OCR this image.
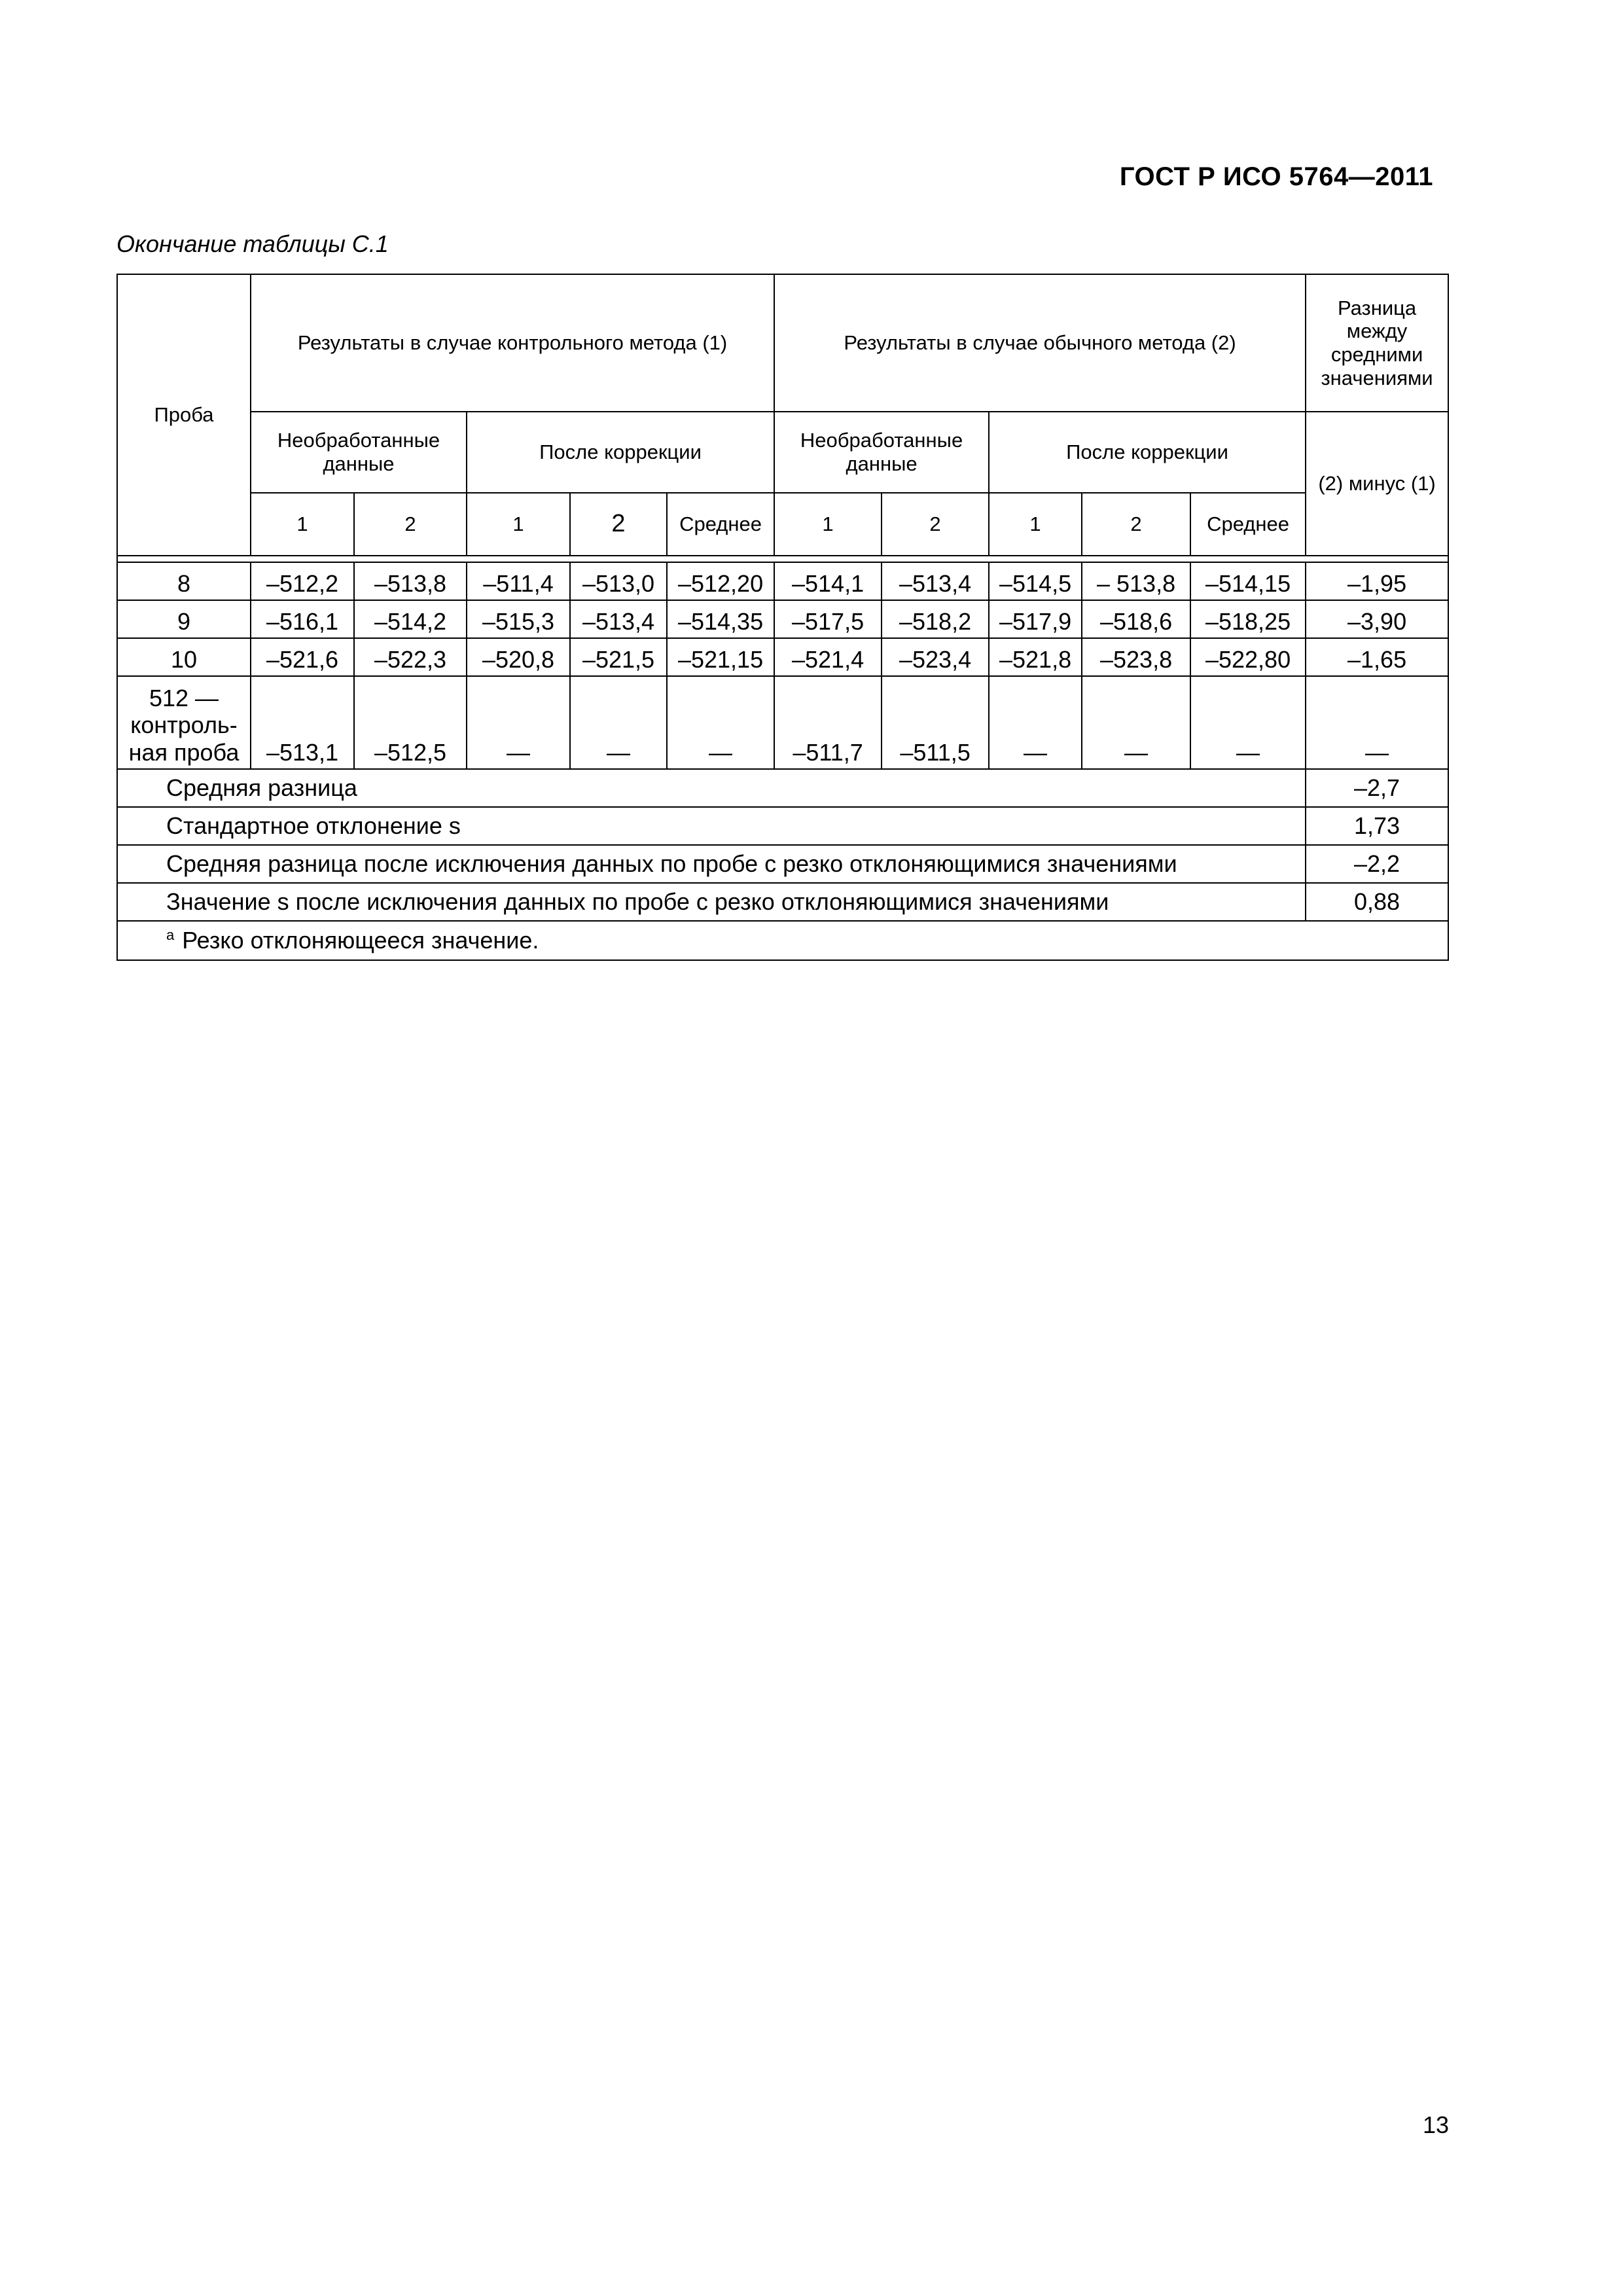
ГОСТ Р ИСО 5764—2011
Окончание таблицы С.1
Проба	Результаты в случае контрольного метода (1)					Результаты в случае обычного метода (2)					Разница между средними значениями
	Необработанные данные		После коррекции			Необработанные данные		После коррекции			(2) минус (1)
	1	2	1	2	Среднее	1	2	1	2	Среднее	

8	–512,2	–513,8	–511,4	–513,0	–512,20	–514,1	–513,4	–514,5	– 513,8	–514,15	–1,95
9	–516,1	–514,2	–515,3	–513,4	–514,35	–517,5	–518,2	–517,9	–518,6	–518,25	–3,90
10	–521,6	–522,3	–520,8	–521,5	–521,15	–521,4	–523,4	–521,8	–523,8	–522,80	–1,65
512 — контроль-ная проба	–513,1	–512,5	—	—	—	–511,7	–511,5	—	—	—	—
Средняя разница											–2,7
Стандартное отклонение s											1,73
Средняя разница после исключения данных по пробе с резко отклоняющимися значениями											–2,2
Значение s после исключения данных по пробе с резко отклоняющимися значениями											0,88
$^a$ Резко отклоняющееся значение.											
13
